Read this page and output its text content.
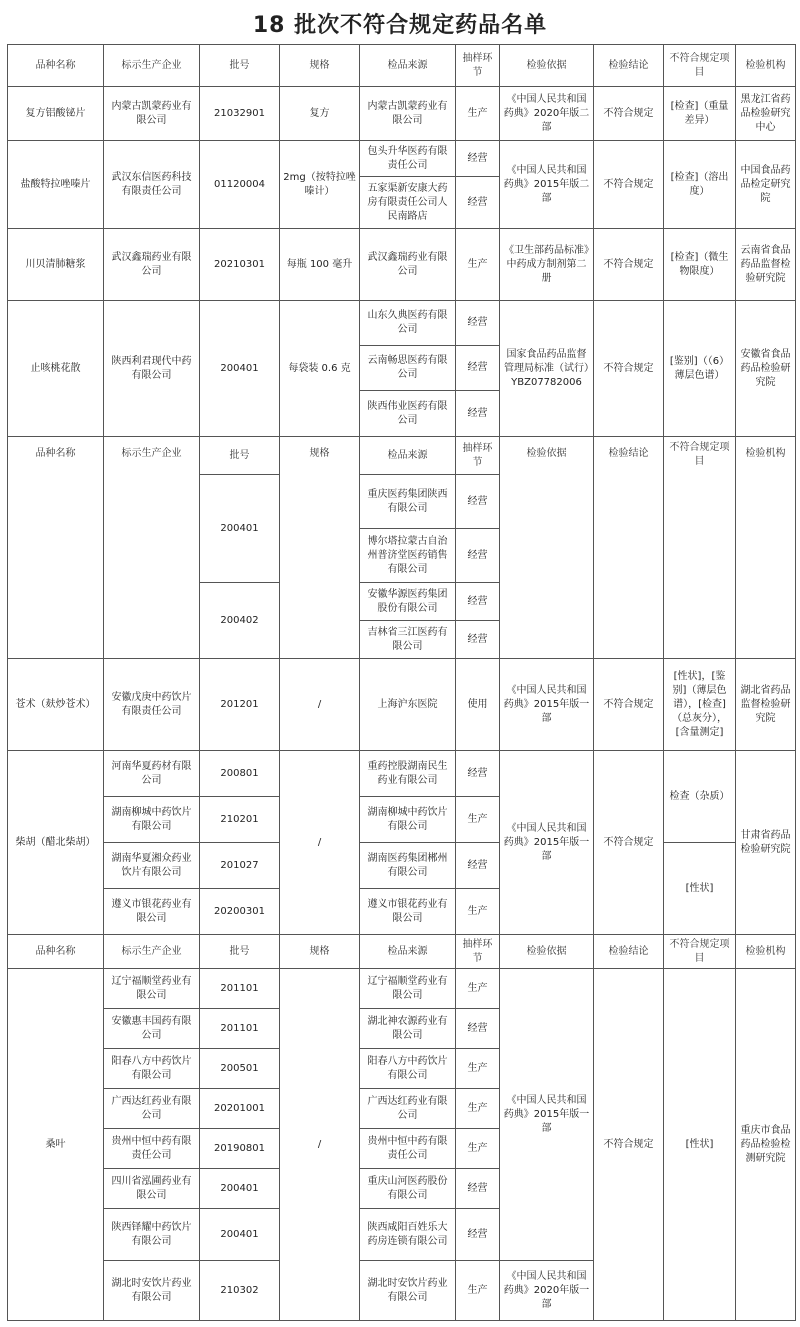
18 批次不符合规定药品名单
品种名称	标示生产企业	批号	规格	检品来源	抽样环节	检验依据	检验结论	不符合规定项目	检验机构
复方铝酸铋片	内蒙古凯蒙药业有限公司	21032901	复方	内蒙古凯蒙药业有限公司	生产	《中国人民共和国药典》2020年版二部	不符合规定	[检查]（重量差异）	黑龙江省药品检验研究中心
盐酸特拉唑嗪片	武汉东信医药科技有限责任公司	01120004	2mg（按特拉唑嗪计）	包头升华医药有限责任公司	经营	《中国人民共和国药典》2015年版二部	不符合规定	[检查]（溶出度）	中国食品药品检定研究院
				五家渠新安康大药房有限责任公司人民南路店	经营				
川贝清肺糖浆	武汉鑫瑞药业有限公司	20210301	每瓶 100 毫升	武汉鑫瑞药业有限公司	生产	《卫生部药品标准》中药成方制剂第二册	不符合规定	[检查]（微生物限度）	云南省食品药品监督检验研究院
止咳桃花散	陕西利君现代中药有限公司	200401	每袋装 0.6 克	山东久典医药有限公司	经营	国家食品药品监督管理局标准（试行）YBZ07782006	不符合规定	[鉴别]（（6）薄层色谱）	安徽省食品药品检验研究院
				云南畅思医药有限公司	经营				
				陕西伟业医药有限公司	经营				
品种名称	标示生产企业	批号	规格	检品来源	抽样环节	检验依据	检验结论	不符合规定项目	检验机构
		200401		重庆医药集团陕西有限公司	经营				
				博尔塔拉蒙古自治州普济堂医药销售有限公司	经营				
		200402		安徽华源医药集团股份有限公司	经营				
				吉林省三江医药有限公司	经营				
苍术（麸炒苍术）	安徽戊庚中药饮片有限责任公司	201201	/	上海沪东医院	使用	《中国人民共和国药典》2015年版一部	不符合规定	[性状]，[鉴别]（薄层色谱），[检查]（总灰分），[含量测定]	湖北省药品监督检验研究院
柴胡（醋北柴胡）	河南华夏药材有限公司	200801	/	重药控股湖南民生药业有限公司	经营	《中国人民共和国药典》2015年版一部	不符合规定	检查（杂质）	甘肃省药品检验研究院
	湖南柳城中药饮片有限公司	210201		湖南柳城中药饮片有限公司	生产				
	湖南华夏湘众药业饮片有限公司	201027		湖南医药集团郴州有限公司	经营			[性状]	
	遵义市银花药业有限公司	20200301		遵义市银花药业有限公司	生产				
品种名称	标示生产企业	批号	规格	检品来源	抽样环节	检验依据	检验结论	不符合规定项目	检验机构
桑叶	辽宁福顺堂药业有限公司	201101	/	辽宁福顺堂药业有限公司	生产	《中国人民共和国药典》2015年版一部	不符合规定	[性状]	重庆市食品药品检验检测研究院
	安徽惠丰国药有限公司	201101		湖北神农源药业有限公司	经营				
	阳春八方中药饮片有限公司	200501		阳春八方中药饮片有限公司	生产				
	广西达红药业有限公司	20201001		广西达红药业有限公司	生产				
	贵州中恒中药有限责任公司	20190801		贵州中恒中药有限责任公司	生产				
	四川省泓圃药业有限公司	200401		重庆山河医药股份有限公司	经营				
	陕西铎耀中药饮片有限公司	200401		陕西咸阳百姓乐大药房连锁有限公司	经营				
	湖北时安饮片药业有限公司	210302		湖北时安饮片药业有限公司	生产	《中国人民共和国药典》2020年版一部			
